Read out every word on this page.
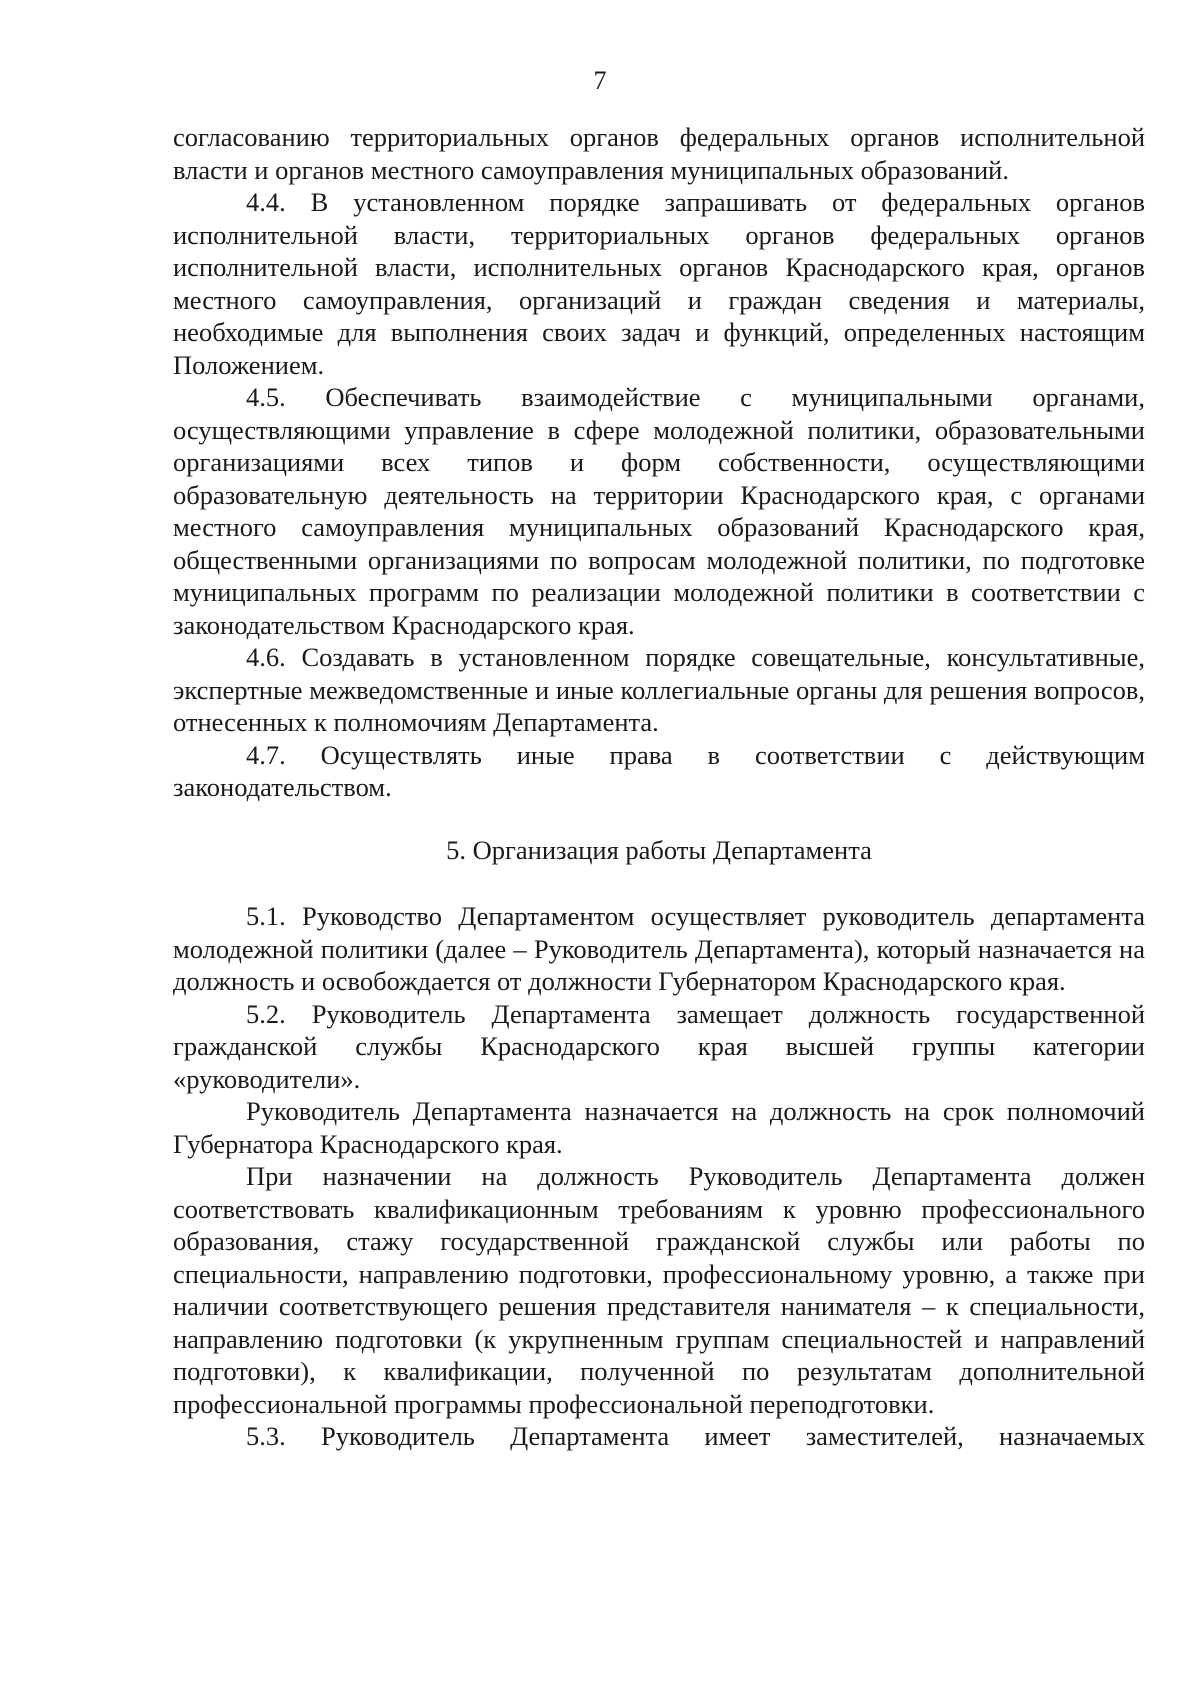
7

согласованию территориальных органов федеральных органов исполнительной власти и органов местного самоуправления муниципальных образований.

4.4. В установленном порядке запрашивать от федеральных органов исполнительной власти, территориальных органов федеральных органов исполнительной власти, исполнительных органов Краснодарского края, органов местного самоуправления, организаций и граждан сведения и материалы, необходимые для выполнения своих задач и функций, определенных настоящим Положением.

4.5. Обеспечивать взаимодействие с муниципальными органами, осуществляющими управление в сфере молодежной политики, образовательными организациями всех типов и форм собственности, осуществляющими образовательную деятельность на территории Краснодарского края, с органами местного самоуправления муниципальных образований Краснодарского края, общественными организациями по вопросам молодежной политики, по подготовке муниципальных программ по реализации молодежной политики в соответствии с законодательством Краснодарского края.

4.6. Создавать в установленном порядке совещательные, консультативные, экспертные межведомственные и иные коллегиальные органы для решения вопросов, отнесенных к полномочиям Департамента.

4.7. Осуществлять иные права в соответствии с действующим законодательством.

5. Организация работы Департамента

5.1. Руководство Департаментом осуществляет руководитель департамента молодежной политики (далее – Руководитель Департамента), который назначается на должность и освобождается от должности Губернатором Краснодарского края.

5.2. Руководитель Департамента замещает должность государственной гражданской службы Краснодарского края высшей группы категории «руководители».

Руководитель Департамента назначается на должность на срок полномочий Губернатора Краснодарского края.

При назначении на должность Руководитель Департамента должен соответствовать квалификационным требованиям к уровню профессионального образования, стажу государственной гражданской службы или работы по специальности, направлению подготовки, профессиональному уровню, а также при наличии соответствующего решения представителя нанимателя – к специальности, направлению подготовки (к укрупненным группам специальностей и направлений подготовки), к квалификации, полученной по результатам дополнительной профессиональной программы профессиональной переподготовки.

5.3. Руководитель Департамента имеет заместителей, назначаемых
